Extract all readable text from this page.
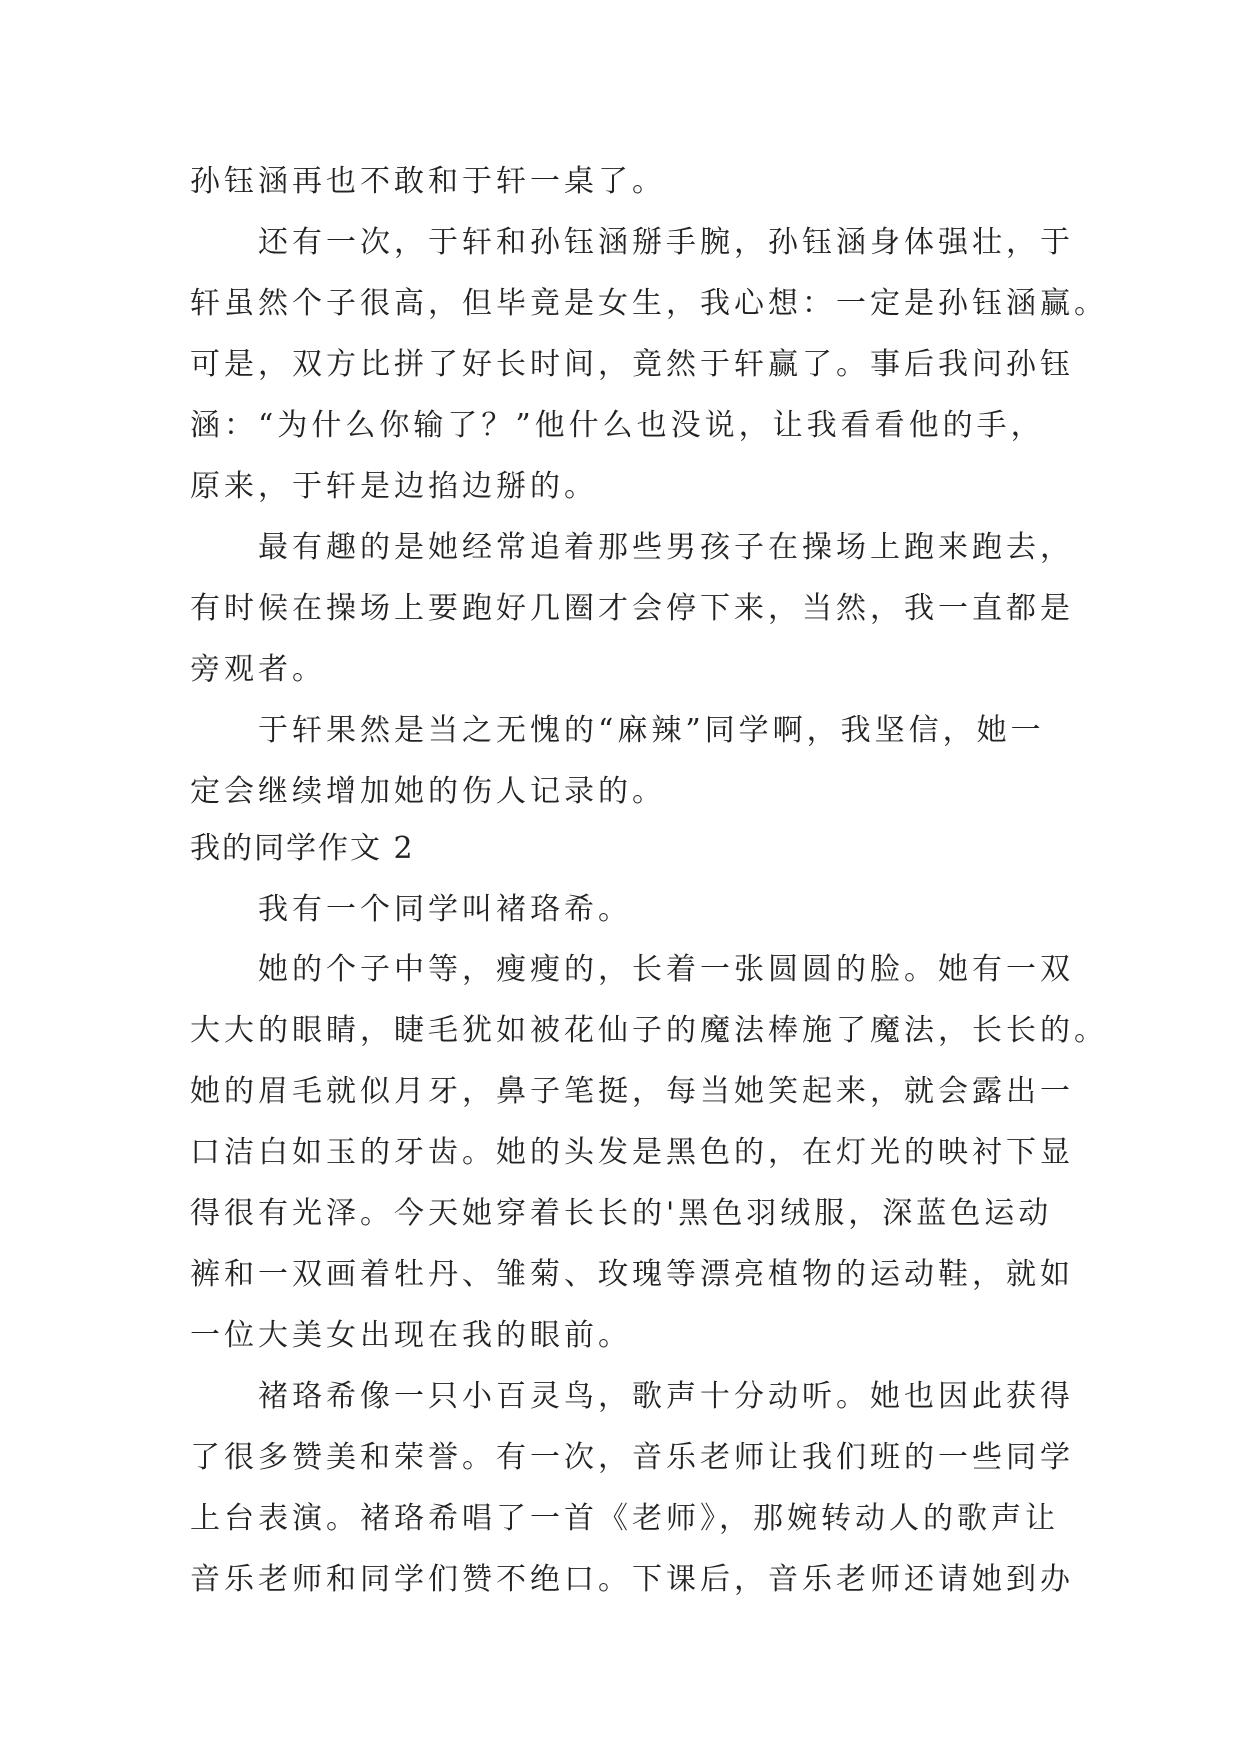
孙钰涵再也不敢和于轩一桌了。
还有一次，于轩和孙钰涵掰手腕，孙钰涵身体强壮，于
轩虽然个子很高，但毕竟是女生，我心想：一定是孙钰涵赢。
可是，双方比拼了好长时间，竟然于轩赢了。事后我问孙钰
涵：“为什么你输了？”他什么也没说，让我看看他的手，
原来，于轩是边掐边掰的。
最有趣的是她经常追着那些男孩子在操场上跑来跑去，
有时候在操场上要跑好几圈才会停下来，当然，我一直都是
旁观者。
于轩果然是当之无愧的“麻辣”同学啊，我坚信，她一
定会继续增加她的伤人记录的。
我的同学作文 2
我有一个同学叫褚珞希。
她的个子中等，瘦瘦的，长着一张圆圆的脸。她有一双
大大的眼睛，睫毛犹如被花仙子的魔法棒施了魔法，长长的。
她的眉毛就似月牙，鼻子笔挺，每当她笑起来，就会露出一
口洁白如玉的牙齿。她的头发是黑色的，在灯光的映衬下显
得很有光泽。今天她穿着长长的'黑色羽绒服，深蓝色运动
裤和一双画着牡丹、雏菊、玫瑰等漂亮植物的运动鞋，就如
一位大美女出现在我的眼前。
褚珞希像一只小百灵鸟，歌声十分动听。她也因此获得
了很多赞美和荣誉。有一次，音乐老师让我们班的一些同学
上台表演。褚珞希唱了一首《老师》，那婉转动人的歌声让
音乐老师和同学们赞不绝口。下课后，音乐老师还请她到办
